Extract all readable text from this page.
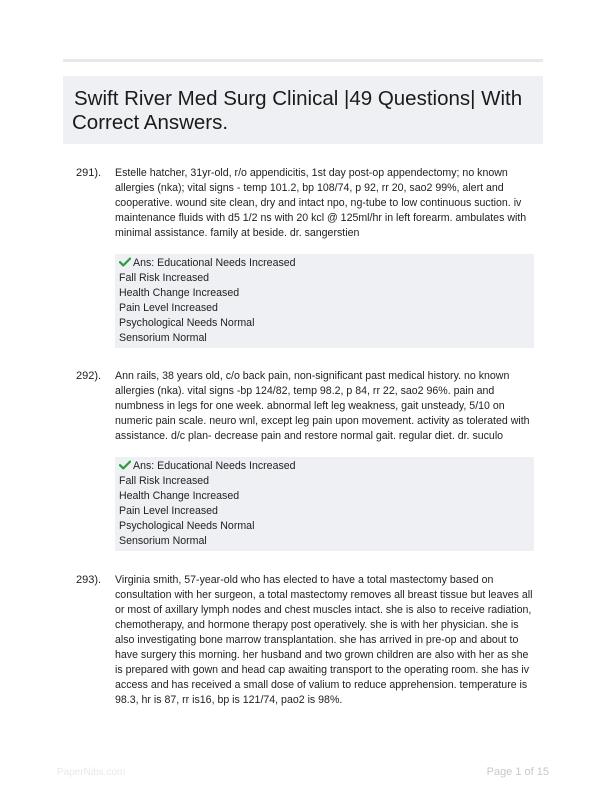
Swift River Med Surg Clinical |49 Questions| With Correct Answers.
291). Estelle hatcher, 31yr-old, r/o appendicitis, 1st day post-op appendectomy; no known allergies (nka); vital signs - temp 101.2, bp 108/74, p 92, rr 20, sao2 99%, alert and cooperative. wound site clean, dry and intact npo, ng-tube to low continuous suction. iv maintenance fluids with d5 1/2 ns with 20 kcl @ 125ml/hr in left forearm. ambulates with minimal assistance. family at beside. dr. sangerstien

Ans: Educational Needs Increased
Fall Risk Increased
Health Change Increased
Pain Level Increased
Psychological Needs Normal
Sensorium Normal
292). Ann rails, 38 years old, c/o back pain, non-significant past medical history. no known allergies (nka). vital signs -bp 124/82, temp 98.2, p 84, rr 22, sao2 96%. pain and numbness in legs for one week. abnormal left leg weakness, gait unsteady, 5/10 on numeric pain scale. neuro wnl, except leg pain upon movement. activity as tolerated with assistance. d/c plan- decrease pain and restore normal gait. regular diet. dr. suculo

Ans: Educational Needs Increased
Fall Risk Increased
Health Change Increased
Pain Level Increased
Psychological Needs Normal
Sensorium Normal
293). Virginia smith, 57-year-old who has elected to have a total mastectomy based on consultation with her surgeon, a total mastectomy removes all breast tissue but leaves all or most of axillary lymph nodes and chest muscles intact. she is also to receive radiation, chemotherapy, and hormone therapy post operatively. she is with her physician. she is also investigating bone marrow transplantation. she has arrived in pre-op and about to have surgery this morning. her husband and two grown children are also with her as she is prepared with gown and head cap awaiting transport to the operating room. she has iv access and has received a small dose of valium to reduce apprehension. temperature is 98.3, hr is 87, rr is16, bp is 121/74, pao2 is 98%.

PaperNibs.com	Page 1 of 15
